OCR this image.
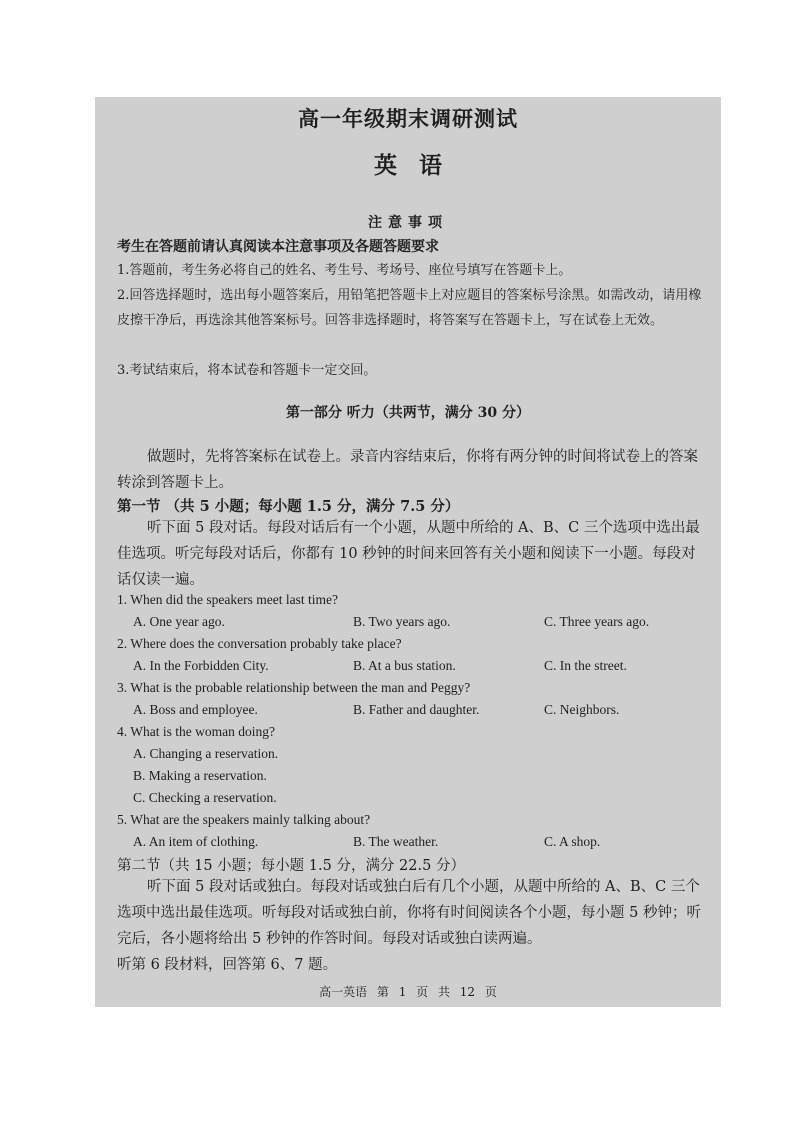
高一年级期末调研测试
英语
注意事项
考生在答题前请认真阅读本注意事项及各题答题要求
1.答题前，考生务必将自己的姓名、考生号、考场号、座位号填写在答题卡上。
2.回答选择题时，选出每小题答案后，用铅笔把答题卡上对应题目的答案标号涂黑。如需改动，请用橡皮擦干净后，再选涂其他答案标号。回答非选择题时，将答案写在答题卡上，写在试卷上无效。
3.考试结束后，将本试卷和答题卡一定交回。
第一部分 听力（共两节，满分 30 分）
做题时，先将答案标在试卷上。录音内容结束后，你将有两分钟的时间将试卷上的答案转涂到答题卡上。
第一节 （共 5 小题；每小题 1.5 分，满分 7.5 分）
听下面 5 段对话。每段对话后有一个小题，从题中所给的 A、B、C 三个选项中选出最佳选项。听完每段对话后，你都有 10 秒钟的时间来回答有关小题和阅读下一小题。每段对话仅读一遍。
1. When did the speakers meet last time?
A. One year ago.	B. Two years ago.	C. Three years ago.
2. Where does the conversation probably take place?
A. In the Forbidden City.	B. At a bus station.	C. In the street.
3. What is the probable relationship between the man and Peggy?
A. Boss and employee.	B. Father and daughter.	C. Neighbors.
4. What is the woman doing?
A. Changing a reservation.
B. Making a reservation.
C. Checking a reservation.
5. What are the speakers mainly talking about?
A. An item of clothing.	B. The weather.	C. A shop.
第二节（共 15 小题；每小题 1.5 分，满分 22.5 分）
听下面 5 段对话或独白。每段对话或独白后有几个小题，从题中所给的 A、B、C 三个选项中选出最佳选项。听每段对话或独白前，你将有时间阅读各个小题，每小题 5 秒钟；听完后，各小题将给出 5 秒钟的作答时间。每段对话或独白读两遍。
听第 6 段材料，回答第 6、7 题。
高一英语 第 1 页 共 12 页
